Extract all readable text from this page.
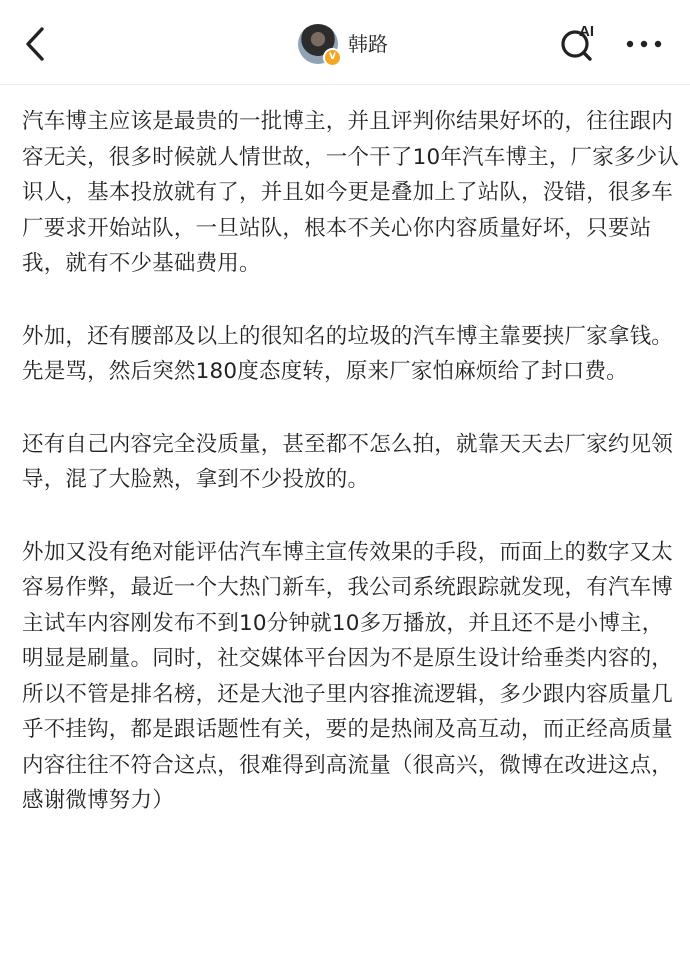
V
韩路
AI

汽车博主应该是最贵的一批博主，并且评判你结果好坏的，往往跟内容无关，很多时候就人情世故，一个干了10年汽车博主，厂家多少认识人，基本投放就有了，并且如今更是叠加上了站队，没错，很多车厂要求开始站队，一旦站队，根本不关心你内容质量好坏，只要站我，就有不少基础费用。

外加，还有腰部及以上的很知名的垃圾的汽车博主靠要挟厂家拿钱。先是骂，然后突然180度态度转，原来厂家怕麻烦给了封口费。

还有自己内容完全没质量，甚至都不怎么拍，就靠天天去厂家约见领导，混了大脸熟，拿到不少投放的。

外加又没有绝对能评估汽车博主宣传效果的手段，而面上的数字又太容易作弊，最近一个大热门新车，我公司系统跟踪就发现，有汽车博主试车内容刚发布不到10分钟就10多万播放，并且还不是小博主，明显是刷量。同时，社交媒体平台因为不是原生设计给垂类内容的，所以不管是排名榜，还是大池子里内容推流逻辑，多少跟内容质量几乎不挂钩，都是跟话题性有关，要的是热闹及高互动，而正经高质量内容往往不符合这点，很难得到高流量（很高兴，微博在改进这点，感谢微博努力）
